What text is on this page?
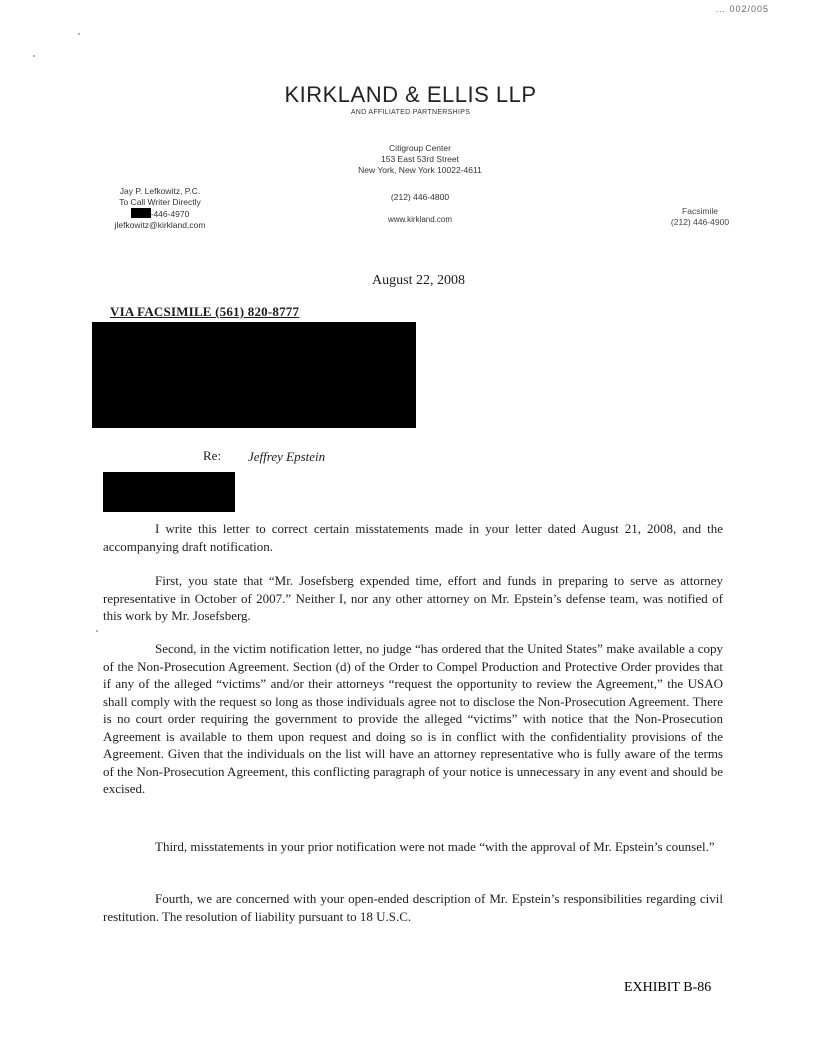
... 002/005
KIRKLAND & ELLIS LLP
AND AFFILIATED PARTNERSHIPS
Citigroup Center
153 East 53rd Street
New York, New York 10022-4611
(212) 446-4800
www.kirkland.com
Jay P. Lefkowitz, P.C.
To Call Writer Directly
-446-4970
jlefkowitz@kirkland.com
Facsimile
(212) 446-4900
August 22, 2008
VIA FACSIMILE (561) 820-8777
Re: Jeffrey Epstein

I write this letter to correct certain misstatements made in your letter dated August 21, 2008, and the accompanying draft notification.

First, you state that “Mr. Josefsberg expended time, effort and funds in preparing to serve as attorney representative in October of 2007.” Neither I, nor any other attorney on Mr. Epstein’s defense team, was notified of this work by Mr. Josefsberg.

Second, in the victim notification letter, no judge “has ordered that the United States” make available a copy of the Non-Prosecution Agreement. Section (d) of the Order to Compel Production and Protective Order provides that if any of the alleged “victims” and/or their attorneys “request the opportunity to review the Agreement,” the USAO shall comply with the request so long as those individuals agree not to disclose the Non-Prosecution Agreement. There is no court order requiring the government to provide the alleged “victims” with notice that the Non-Prosecution Agreement is available to them upon request and doing so is in conflict with the confidentiality provisions of the Agreement. Given that the individuals on the list will have an attorney representative who is fully aware of the terms of the Non-Prosecution Agreement, this conflicting paragraph of your notice is unnecessary in any event and should be excised.

Third, misstatements in your prior notification were not made “with the approval of Mr. Epstein’s counsel.”

Fourth, we are concerned with your open-ended description of Mr. Epstein’s responsibilities regarding civil restitution. The resolution of liability pursuant to 18 U.S.C.

EXHIBIT B-86
